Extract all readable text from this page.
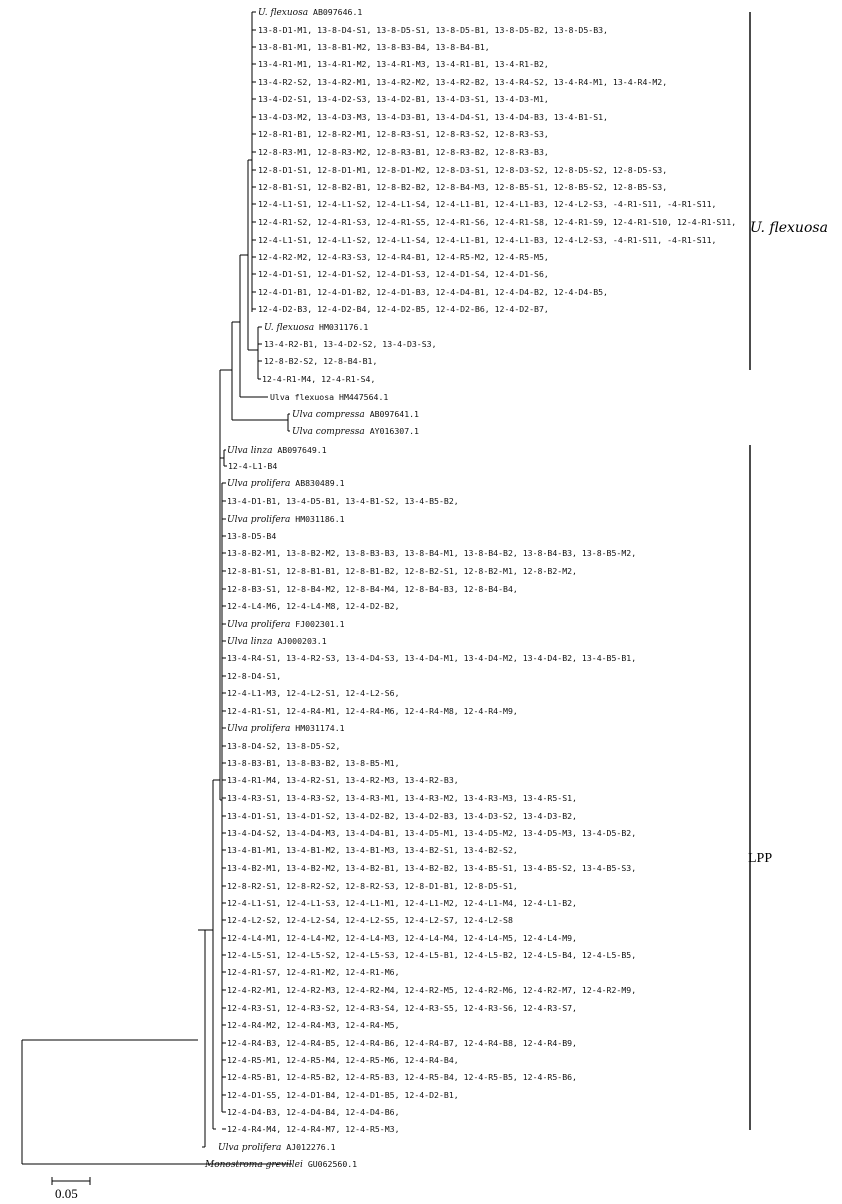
U. flexuosa AB097646.1
13-8-D1-M1, 13-8-D4-S1, 13-8-D5-S1, 13-8-D5-B1, 13-8-D5-B2, 13-8-D5-B3,
13-8-B1-M1, 13-8-B1-M2, 13-8-B3-B4, 13-8-B4-B1,
13-4-R1-M1, 13-4-R1-M2, 13-4-R1-M3, 13-4-R1-B1, 13-4-R1-B2,
13-4-R2-S2, 13-4-R2-M1, 13-4-R2-M2, 13-4-R2-B2, 13-4-R4-S2, 13-4-R4-M1, 13-4-R4-M2,
13-4-D2-S1, 13-4-D2-S3, 13-4-D2-B1, 13-4-D3-S1, 13-4-D3-M1,
13-4-D3-M2, 13-4-D3-M3, 13-4-D3-B1, 13-4-D4-S1, 13-4-D4-B3, 13-4-B1-S1,
12-8-R1-B1, 12-8-R2-M1, 12-8-R3-S1, 12-8-R3-S2, 12-8-R3-S3,
12-8-R3-M1, 12-8-R3-M2, 12-8-R3-B1, 12-8-R3-B2, 12-8-R3-B3,
12-8-D1-S1, 12-8-D1-M1, 12-8-D1-M2, 12-8-D3-S1, 12-8-D3-S2, 12-8-D5-S2, 12-8-D5-S3,
12-8-B1-S1, 12-8-B2-B1, 12-8-B2-B2, 12-8-B4-M3, 12-8-B5-S1, 12-8-B5-S2, 12-8-B5-S3,
12-4-L1-S1, 12-4-L1-S2, 12-4-L1-S4, 12-4-L1-B1, 12-4-L1-B3, 12-4-L2-S3, -4-R1-S11, -4-R1-S11,
12-4-R1-S2, 12-4-R1-S3, 12-4-R1-S5, 12-4-R1-S6, 12-4-R1-S8, 12-4-R1-S9, 12-4-R1-S10, 12-4-R1-S11,
12-4-L1-S1, 12-4-L1-S2, 12-4-L1-S4, 12-4-L1-B1, 12-4-L1-B3, 12-4-L2-S3, -4-R1-S11, -4-R1-S11,
12-4-R2-M2, 12-4-R3-S3, 12-4-R4-B1, 12-4-R5-M2, 12-4-R5-M5,
12-4-D1-S1, 12-4-D1-S2, 12-4-D1-S3, 12-4-D1-S4, 12-4-D1-S6,
12-4-D1-B1, 12-4-D1-B2, 12-4-D1-B3, 12-4-D4-B1, 12-4-D4-B2, 12-4-D4-B5,
12-4-D2-B3, 12-4-D2-B4, 12-4-D2-B5, 12-4-D2-B6, 12-4-D2-B7,
U. flexuosa HM031176.1
13-4-R2-B1, 13-4-D2-S2, 13-4-D3-S3,
12-8-B2-S2, 12-8-B4-B1,
12-4-R1-M4, 12-4-R1-S4,
Ulva flexuosa HM447564.1
Ulva compressa AB097641.1
Ulva compressa AY016307.1
Ulva linza AB097649.1
12-4-L1-B4
Ulva prolifera AB830489.1
13-4-D1-B1, 13-4-D5-B1, 13-4-B1-S2, 13-4-B5-B2,
Ulva prolifera HM031186.1
13-8-D5-B4
13-8-B2-M1, 13-8-B2-M2, 13-8-B3-B3, 13-8-B4-M1, 13-8-B4-B2, 13-8-B4-B3, 13-8-B5-M2,
12-8-B1-S1, 12-8-B1-B1, 12-8-B1-B2, 12-8-B2-S1, 12-8-B2-M1, 12-8-B2-M2,
12-8-B3-S1, 12-8-B4-M2, 12-8-B4-M4, 12-8-B4-B3, 12-8-B4-B4,
12-4-L4-M6, 12-4-L4-M8, 12-4-D2-B2,
Ulva prolifera FJ002301.1
Ulva linza AJ000203.1
13-4-R4-S1, 13-4-R2-S3, 13-4-D4-S3, 13-4-D4-M1, 13-4-D4-M2, 13-4-D4-B2, 13-4-B5-B1,
12-8-D4-S1,
12-4-L1-M3, 12-4-L2-S1, 12-4-L2-S6,
12-4-R1-S1, 12-4-R4-M1, 12-4-R4-M6, 12-4-R4-M8, 12-4-R4-M9,
Ulva prolifera HM031174.1
13-8-D4-S2, 13-8-D5-S2,
13-8-B3-B1, 13-8-B3-B2, 13-8-B5-M1,
13-4-R1-M4, 13-4-R2-S1, 13-4-R2-M3, 13-4-R2-B3,
13-4-R3-S1, 13-4-R3-S2, 13-4-R3-M1, 13-4-R3-M2, 13-4-R3-M3, 13-4-R5-S1,
13-4-D1-S1, 13-4-D1-S2, 13-4-D2-B2, 13-4-D2-B3, 13-4-D3-S2, 13-4-D3-B2,
13-4-D4-S2, 13-4-D4-M3, 13-4-D4-B1, 13-4-D5-M1, 13-4-D5-M2, 13-4-D5-M3, 13-4-D5-B2,
13-4-B1-M1, 13-4-B1-M2, 13-4-B1-M3, 13-4-B2-S1, 13-4-B2-S2,
13-4-B2-M1, 13-4-B2-M2, 13-4-B2-B1, 13-4-B2-B2, 13-4-B5-S1, 13-4-B5-S2, 13-4-B5-S3,
12-8-R2-S1, 12-8-R2-S2, 12-8-R2-S3, 12-8-D1-B1, 12-8-D5-S1,
12-4-L1-S1, 12-4-L1-S3, 12-4-L1-M1, 12-4-L1-M2, 12-4-L1-M4, 12-4-L1-B2,
12-4-L2-S2, 12-4-L2-S4, 12-4-L2-S5, 12-4-L2-S7, 12-4-L2-S8
12-4-L4-M1, 12-4-L4-M2, 12-4-L4-M3, 12-4-L4-M4, 12-4-L4-M5, 12-4-L4-M9,
12-4-L5-S1, 12-4-L5-S2, 12-4-L5-S3, 12-4-L5-B1, 12-4-L5-B2, 12-4-L5-B4, 12-4-L5-B5,
12-4-R1-S7, 12-4-R1-M2, 12-4-R1-M6,
12-4-R2-M1, 12-4-R2-M3, 12-4-R2-M4, 12-4-R2-M5, 12-4-R2-M6, 12-4-R2-M7, 12-4-R2-M9,
12-4-R3-S1, 12-4-R3-S2, 12-4-R3-S4, 12-4-R3-S5, 12-4-R3-S6, 12-4-R3-S7,
12-4-R4-M2, 12-4-R4-M3, 12-4-R4-M5,
12-4-R4-B3, 12-4-R4-B5, 12-4-R4-B6, 12-4-R4-B7, 12-4-R4-B8, 12-4-R4-B9,
12-4-R5-M1, 12-4-R5-M4, 12-4-R5-M6, 12-4-R4-B4,
12-4-R5-B1, 12-4-R5-B2, 12-4-R5-B3, 12-4-R5-B4, 12-4-R5-B5, 12-4-R5-B6,
12-4-D1-S5, 12-4-D1-B4, 12-4-D1-B5, 12-4-D2-B1,
12-4-D4-B3, 12-4-D4-B4, 12-4-D4-B6,
12-4-R4-M4, 12-4-R4-M7, 12-4-R5-M3,
Ulva prolifera AJ012276.1
Monostroma grevillei GU062560.1
U. flexuosa
LPP
0.05
